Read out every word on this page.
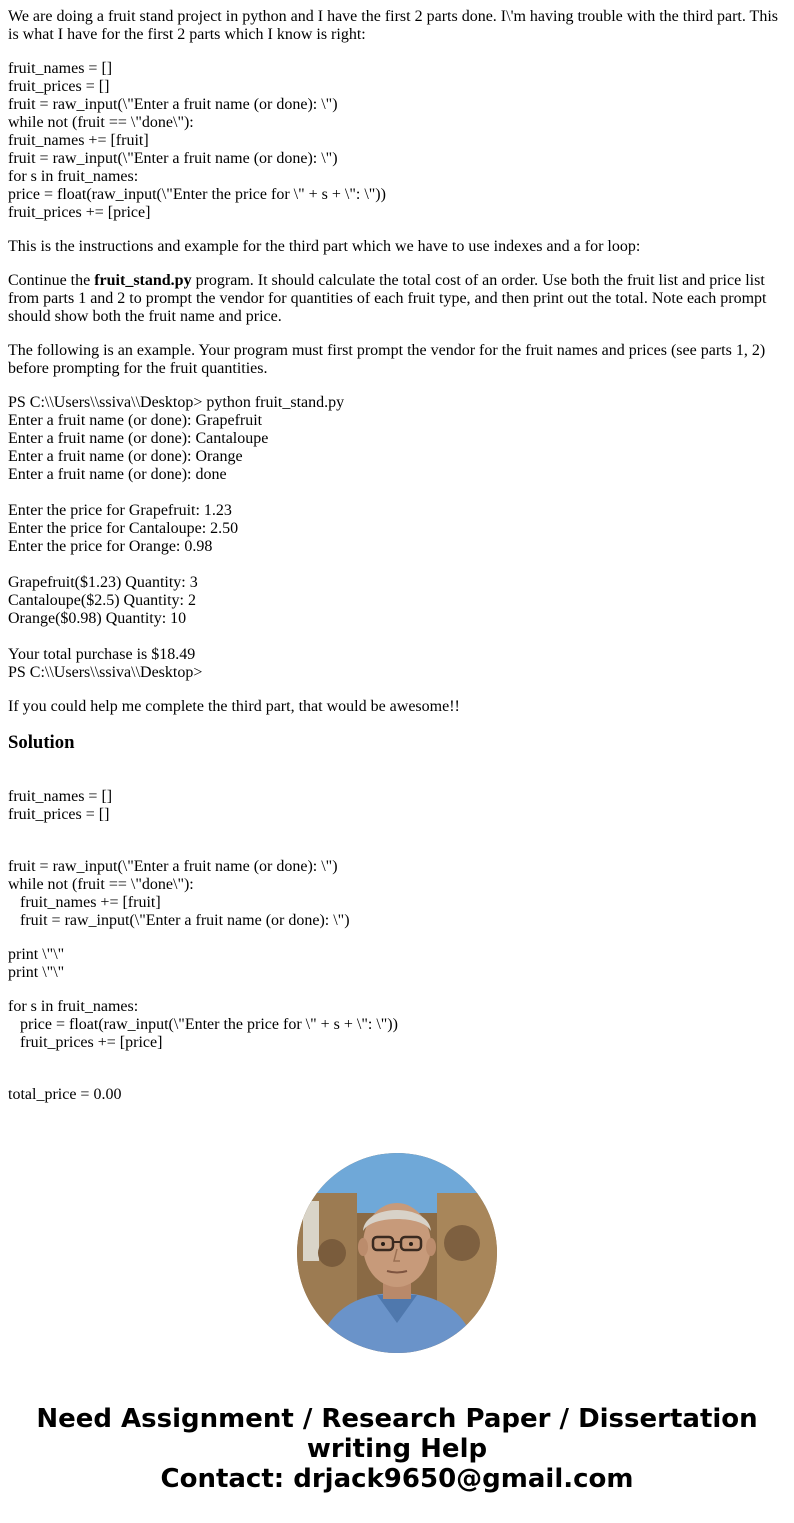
We are doing a fruit stand project in python and I have the first 2 parts done. I\'m having trouble with the third part. This is what I have for the first 2 parts which I know is right:

fruit_names = []
fruit_prices = []
fruit = raw_input(\"Enter a fruit name (or done): \")
while not (fruit == \"done\"):
fruit_names += [fruit]
fruit = raw_input(\"Enter a fruit name (or done): \")
for s in fruit_names:
price = float(raw_input(\"Enter the price for \" + s + \": \"))
fruit_prices += [price]

This is the instructions and example for the third part which we have to use indexes and a for loop:

Continue the fruit_stand.py program. It should calculate the total cost of an order. Use both the fruit list and price list from parts 1 and 2 to prompt the vendor for quantities of each fruit type, and then print out the total. Note each prompt should show both the fruit name and price.

The following is an example. Your program must first prompt the vendor for the fruit names and prices (see parts 1, 2) before prompting for the fruit quantities.

PS C:\\Users\\ssiva\\Desktop> python fruit_stand.py
Enter a fruit name (or done): Grapefruit
Enter a fruit name (or done): Cantaloupe
Enter a fruit name (or done): Orange
Enter a fruit name (or done): done
Enter the price for Grapefruit: 1.23
Enter the price for Cantaloupe: 2.50
Enter the price for Orange: 0.98
Grapefruit($1.23) Quantity: 3
Cantaloupe($2.5) Quantity: 2
Orange($0.98) Quantity: 10
Your total purchase is $18.49
PS C:\\Users\\ssiva\\Desktop>

If you could help me complete the third part, that would be awesome!!

Solution
fruit_names = []
fruit_prices = []
fruit = raw_input(\"Enter a fruit name (or done): \")
while not (fruit == \"done\"):
fruit_names += [fruit]
fruit = raw_input(\"Enter a fruit name (or done): \")
print \"\"
print \"\"
for s in fruit_names:
price = float(raw_input(\"Enter the price for \" + s + \": \"))
fruit_prices += [price]
total_price = 0.00
Need Assignment / Research Paper / Dissertation
writing Help
Contact: drjack9650@gmail.com
